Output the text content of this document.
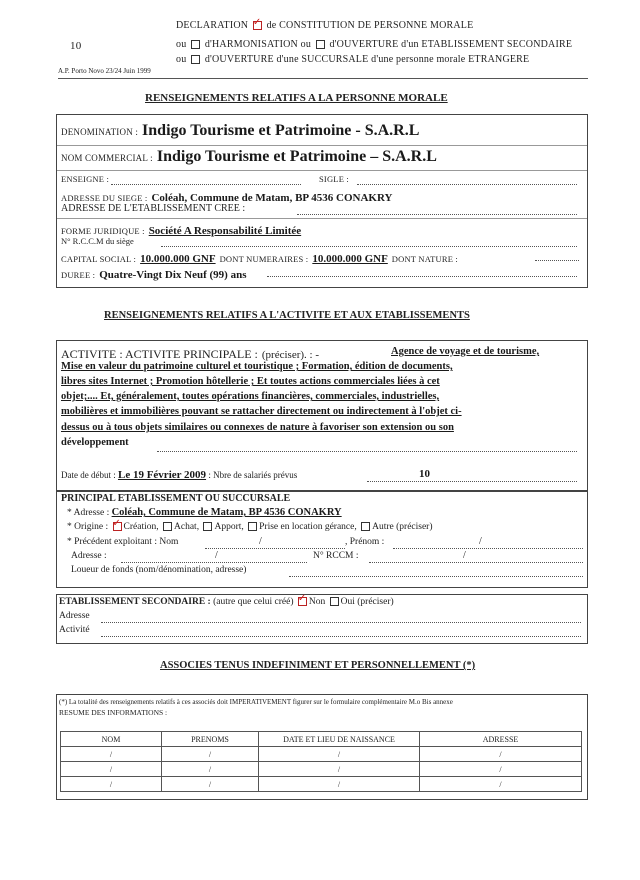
10
DECLARATION ✓ de CONSTITUTION DE PERSONNE MORALE
ou d'HARMONISATION ou d'OUVERTURE d'un ETABLISSEMENT SECONDAIRE
ou d'OUVERTURE d'une SUCCURSALE d'une personne morale ETRANGERE
A.P. Porto Novo 23/24 Juin 1999
RENSEIGNEMENTS RELATIFS A LA PERSONNE MORALE
DENOMINATION : Indigo Tourisme et Patrimoine - S.A.R.L
NOM COMMERCIAL : Indigo Tourisme et Patrimoine – S.A.R.L
ENSEIGNE :	SIGLE :
ADRESSE DU SIEGE : Coléah, Commune de Matam, BP 4536 CONAKRY
ADRESSE DE L'ETABLISSEMENT CREE :
FORME JURIDIQUE : Société A Responsabilité Limitée
N° R.C.C.M du siège
CAPITAL SOCIAL : 10.000.000 GNF DONT NUMERAIRES : 10.000.000 GNF DONT NATURE :
DUREE : Quatre-Vingt Dix Neuf (99) ans
RENSEIGNEMENTS RELATIFS A L'ACTIVITE ET AUX ETABLISSEMENTS
ACTIVITE : ACTIVITE PRINCIPALE : (préciser). : -	Agence de voyage et de tourisme,
Mise en valeur du patrimoine culturel et touristique ; Formation, édition de documents,
libres sites Internet ; Promotion hôtellerie ; Et toutes actions commerciales liées à cet
objet;.... Et, généralement, toutes opérations financières, commerciales, industrielles,
mobilières et immobilières pouvant se rattacher directement ou indirectement à l'objet ci-
dessus ou à tous objets similaires ou connexes de nature à favoriser son extension ou son
développement
Date de début : Le 19 Février 2009 : Nbre de salariés prévus	10
PRINCIPAL ETABLISSEMENT OU SUCCURSALE
* Adresse : Coléah, Commune de Matam, BP 4536 CONAKRY
* Origine : ✓ Création, Achat, Apport, Prise en location gérance, Autre (préciser)
* Précédent exploitant : Nom	/	, Prénom :	/
Adresse :	/	N° RCCM :	/
Loueur de fonds (nom/dénomination, adresse)
ETABLISSEMENT SECONDAIRE : (autre que celui créé) ✓ Non Oui (préciser)
Adresse
Activité
ASSOCIES TENUS INDEFINIMENT ET PERSONNELLEMENT (*)
(*) La totalité des renseignements relatifs à ces associés doit IMPERATIVEMENT figurer sur le formulaire complémentaire M.o Bis annexe
RESUME DES INFORMATIONS :
NOM	PRENOMS	DATE ET LIEU DE NAISSANCE	ADRESSE
/	/	/	/
/	/	/	/
/	/	/	/
